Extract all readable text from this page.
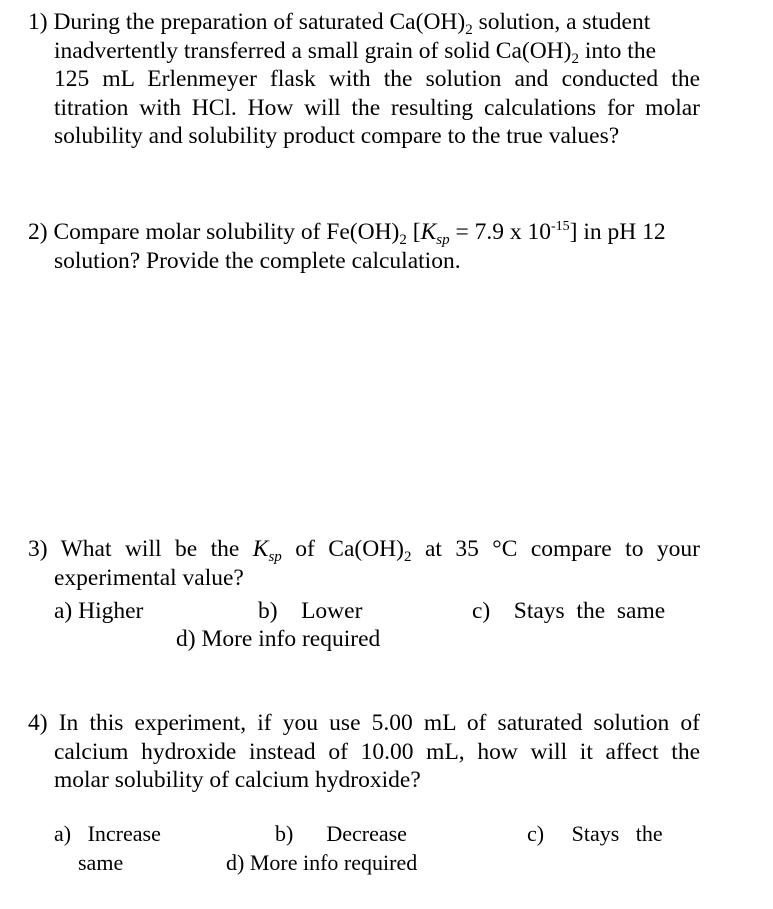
1) During the preparation of saturated $Ca(OH)_2$ solution, a student
inadvertently transferred a small grain of solid $Ca(OH)_2$ into the
125 mL Erlenmeyer flask with the solution and conducted the
titration with HCl. How will the resulting calculations for molar
solubility and solubility product compare to the true values?
2) Compare molar solubility of $Fe(OH)_2$ [$K_{sp} = 7.9$ x $10^{-15}$] in pH 12
solution? Provide the complete calculation.
3) What will be the $K_{sp}$ of $Ca(OH)_2$ at 35 °C compare to your
experimental value?
a) Higher	b)    Lower	c)    Stays  the  same
d) More info required
4) In this experiment, if you use 5.00 mL of saturated solution of
calcium hydroxide instead of 10.00 mL, how will it affect the
molar solubility of calcium hydroxide?
a)   Increase	b)      Decrease	c)     Stays   the
same	d) More info required
